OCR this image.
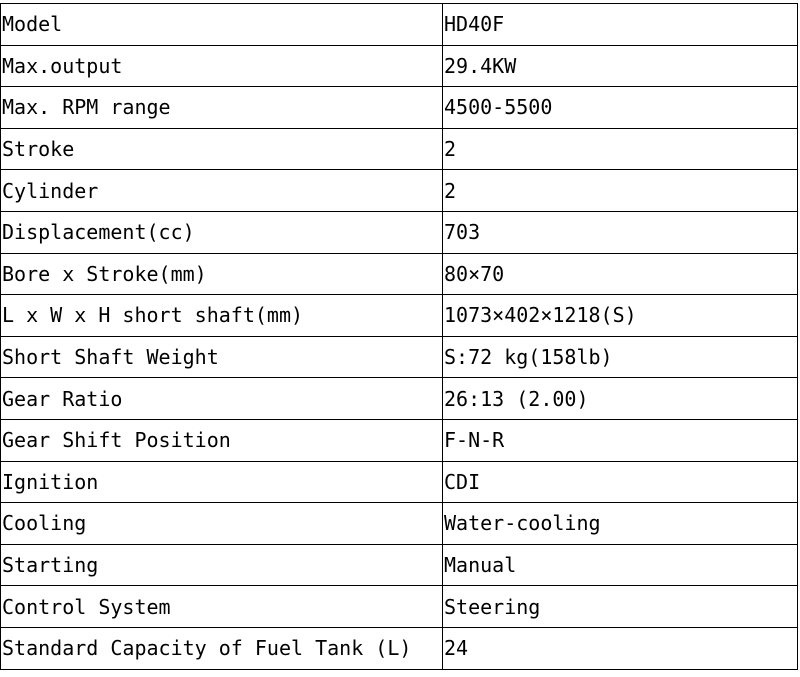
Model	HD40F
Max.output	29.4KW
Max. RPM range	4500-5500
Stroke	2
Cylinder	2
Displacement(cc)	703
Bore x Stroke(mm)	80×70
L x W x H short shaft(mm)	1073×402×1218(S)
Short Shaft Weight	S:72 kg(158lb)
Gear Ratio	26:13 (2.00)
Gear Shift Position	F-N-R
Ignition	CDI
Cooling	Water-cooling
Starting	Manual
Control System	Steering
Standard Capacity of Fuel Tank (L)	24
